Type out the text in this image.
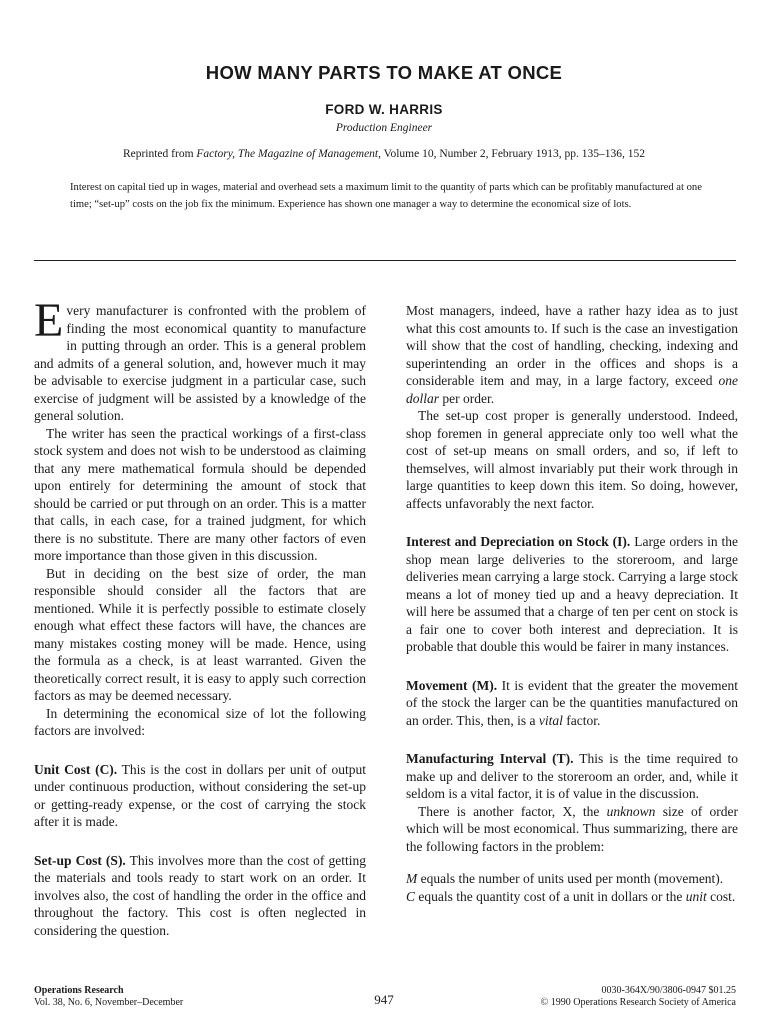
HOW MANY PARTS TO MAKE AT ONCE
FORD W. HARRIS
Production Engineer
Reprinted from Factory, The Magazine of Management, Volume 10, Number 2, February 1913, pp. 135–136, 152
Interest on capital tied up in wages, material and overhead sets a maximum limit to the quantity of parts which can be profitably manufactured at one time; “set-up” costs on the job fix the minimum. Experience has shown one manager a way to determine the economical size of lots.

Every manufacturer is confronted with the problem of finding the most economical quantity to manufacture in putting through an order. This is a general problem and admits of a general solution, and, however much it may be advisable to exercise judgment in a particular case, such exercise of judgment will be assisted by a knowledge of the general solution.

The writer has seen the practical workings of a first-class stock system and does not wish to be understood as claiming that any mere mathematical formula should be depended upon entirely for determining the amount of stock that should be carried or put through on an order. This is a matter that calls, in each case, for a trained judgment, for which there is no substitute. There are many other factors of even more importance than those given in this discussion.

But in deciding on the best size of order, the man responsible should consider all the factors that are mentioned. While it is perfectly possible to estimate closely enough what effect these factors will have, the chances are many mistakes costing money will be made. Hence, using the formula as a check, is at least warranted. Given the theoretically correct result, it is easy to apply such correction factors as may be deemed necessary.

In determining the economical size of lot the following factors are involved:

Unit Cost (C). This is the cost in dollars per unit of output under continuous production, without considering the set-up or getting-ready expense, or the cost of carrying the stock after it is made.

Set-up Cost (S). This involves more than the cost of getting the materials and tools ready to start work on an order. It involves also, the cost of handling the order in the office and throughout the factory. This cost is often neglected in considering the question.

Most managers, indeed, have a rather hazy idea as to just what this cost amounts to. If such is the case an investigation will show that the cost of handling, checking, indexing and superintending an order in the offices and shops is a considerable item and may, in a large factory, exceed one dollar per order.

The set-up cost proper is generally understood. Indeed, shop foremen in general appreciate only too well what the cost of set-up means on small orders, and so, if left to themselves, will almost invariably put their work through in large quantities to keep down this item. So doing, however, affects unfavorably the next factor.

Interest and Depreciation on Stock (I). Large orders in the shop mean large deliveries to the storeroom, and large deliveries mean carrying a large stock. Carrying a large stock means a lot of money tied up and a heavy depreciation. It will here be assumed that a charge of ten per cent on stock is a fair one to cover both interest and depreciation. It is probable that double this would be fairer in many instances.

Movement (M). It is evident that the greater the movement of the stock the larger can be the quantities manufactured on an order. This, then, is a vital factor.

Manufacturing Interval (T). This is the time required to make up and deliver to the storeroom an order, and, while it seldom is a vital factor, it is of value in the discussion.

There is another factor, X, the unknown size of order which will be most economical. Thus summarizing, there are the following factors in the problem:

M equals the number of units used per month (movement).

C equals the quantity cost of a unit in dollars or the unit cost.

Operations Research
Vol. 38, No. 6, November–December	947
0030-364X/90/3806-0947 $01.25
© 1990 Operations Research Society of America
